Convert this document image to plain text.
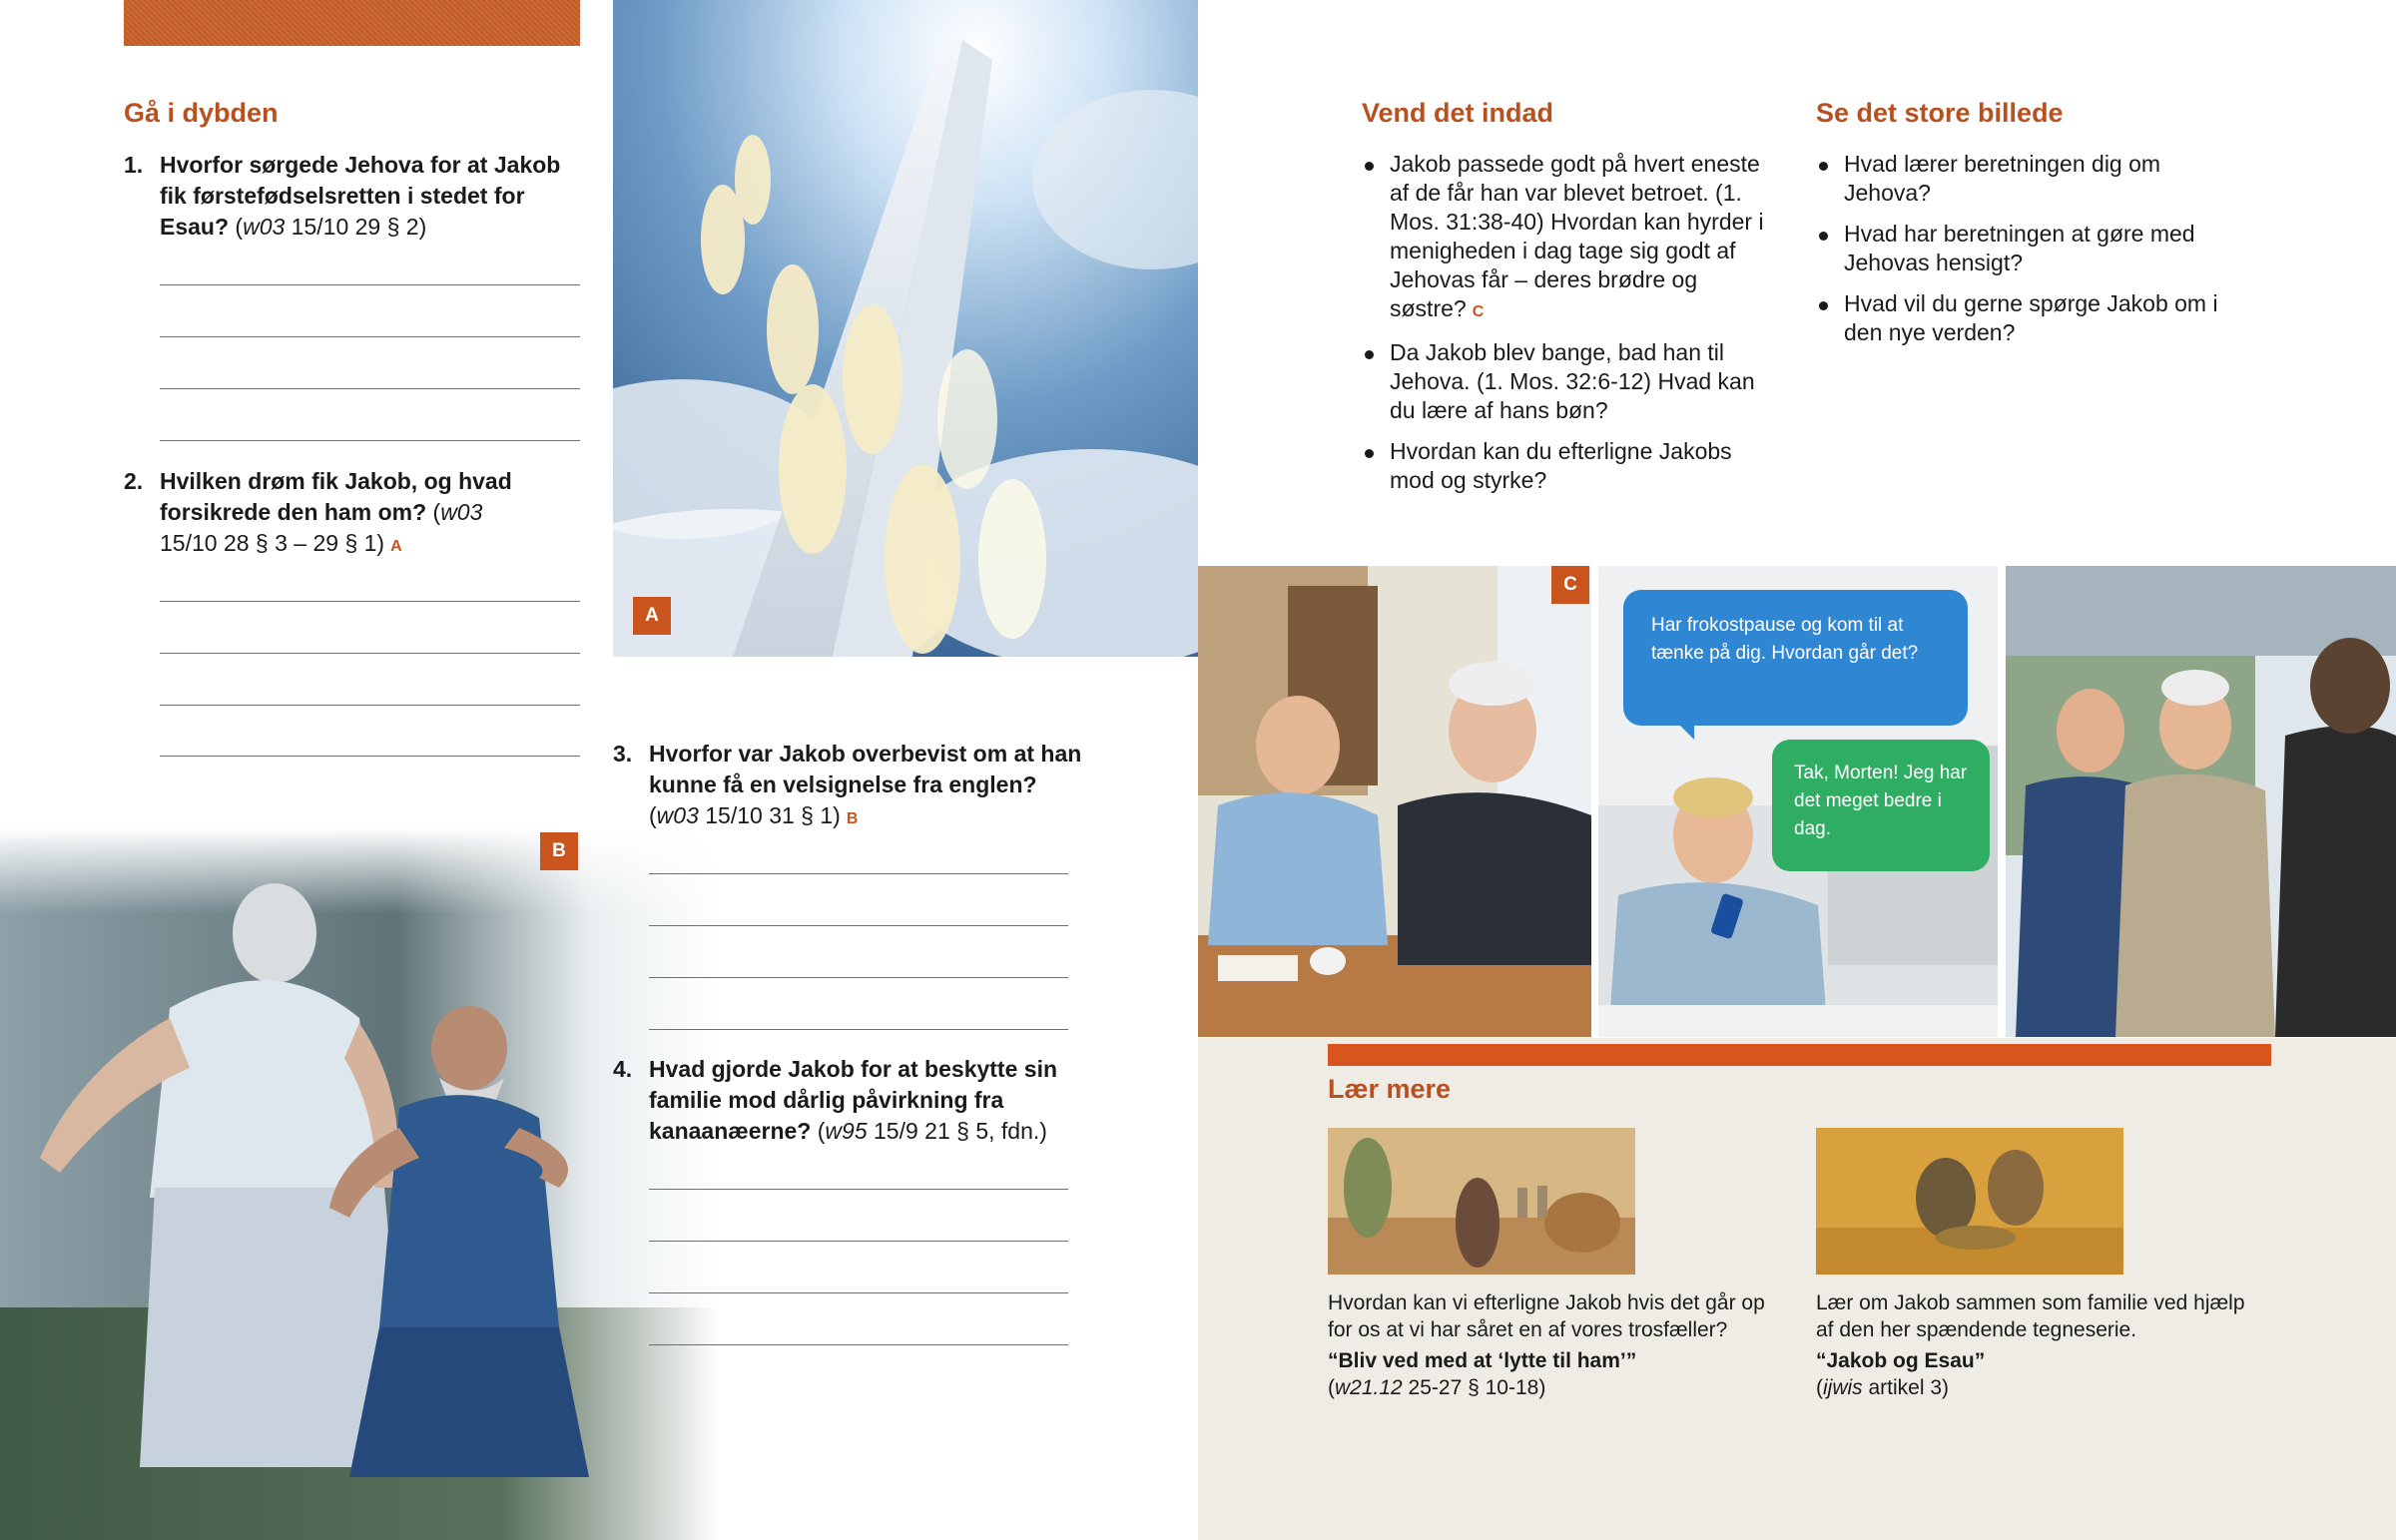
Gå i dybden
1. Hvorfor sørgede Jehova for at Jakob fik førstefødselsretten i stedet for Esau? (w03 15/10 29 § 2)
2. Hvilken drøm fik Jakob, og hvad forsikrede den ham om? (w03 15/10 28 § 3 – 29 § 1) A
A
B
3. Hvorfor var Jakob overbevist om at han kunne få en velsignelse fra englen? (w03 15/10 31 § 1) B
4. Hvad gjorde Jakob for at beskytte sin familie mod dårlig påvirkning fra kanaanæerne? (w95 15/9 21 § 5, fdn.)
Vend det indad
Jakob passede godt på hvert eneste af de får han var blevet betroet. (1. Mos. 31:38-40) Hvordan kan hyrder i menigheden i dag tage sig godt af Jehovas får – deres brødre og søstre? C
Da Jakob blev bange, bad han til Jehova. (1. Mos. 32:6-12) Hvad kan du lære af hans bøn?
Hvordan kan du efterligne Jakobs mod og styrke?
Se det store billede
Hvad lærer beretningen dig om Jehova?
Hvad har beretningen at gøre med Jehovas hensigt?
Hvad vil du gerne spørge Jakob om i den nye verden?
Har frokostpause og kom til at tænke på dig. Hvordan går det?
Tak, Morten! Jeg har det meget bedre i dag.
C
Lær mere
Hvordan kan vi efterligne Jakob hvis det går op for os at vi har såret en af vores trosfæller?
“Bliv ved med at ‘lytte til ham’”
(w21.12 25-27 § 10-18)
Lær om Jakob sammen som familie ved hjælp af den her spændende tegneserie.
“Jakob og Esau”
(ijwis artikel 3)
